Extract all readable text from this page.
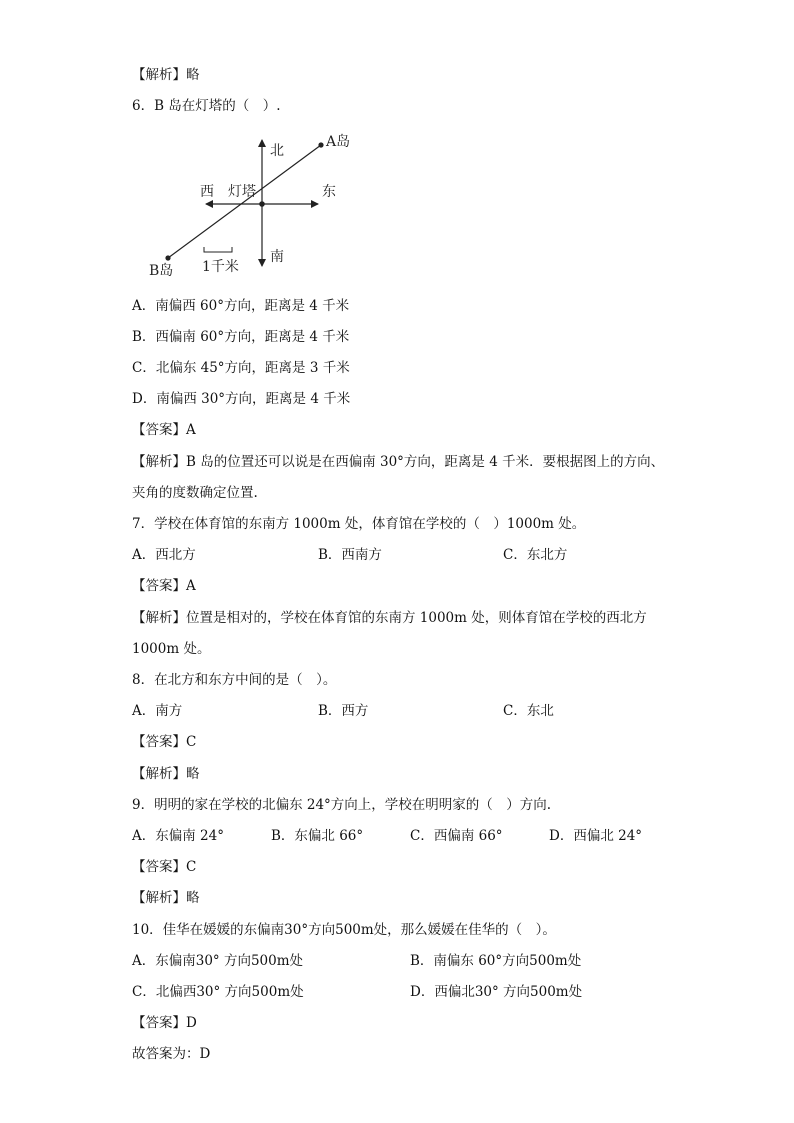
【解析】略
6．B 岛在灯塔的（　）.
北
南
西 灯塔	东
A岛
B岛 1千米
A．南偏西 60°方向，距离是 4 千米
B．西偏南 60°方向，距离是 4 千米
C．北偏东 45°方向，距离是 3 千米
D．南偏西 30°方向，距离是 4 千米
【答案】A
【解析】B 岛的位置还可以说是在西偏南 30°方向，距离是 4 千米．要根据图上的方向、
夹角的度数确定位置.
7．学校在体育馆的东南方 1000m 处，体育馆在学校的（　）1000m 处。
A．西北方	B．西南方	C．东北方
【答案】A
【解析】位置是相对的，学校在体育馆的东南方 1000m 处，则体育馆在学校的西北方
1000m 处。
8．在北方和东方中间的是（　）。
A．南方	B．西方	C．东北
【答案】C
【解析】略
9．明明的家在学校的北偏东 24°方向上，学校在明明家的（　）方向.
A．东偏南 24°	B．东偏北 66°	C．西偏南 66°	D．西偏北 24°
【答案】C
【解析】略
10．佳华在媛媛的东偏南30°方向500m处，那么媛媛在佳华的（　）。
A．东偏南30° 方向500m处	B．南偏东 60°方向500m处
C．北偏西30° 方向500m处	D．西偏北30° 方向500m处
【答案】D
故答案为：D
